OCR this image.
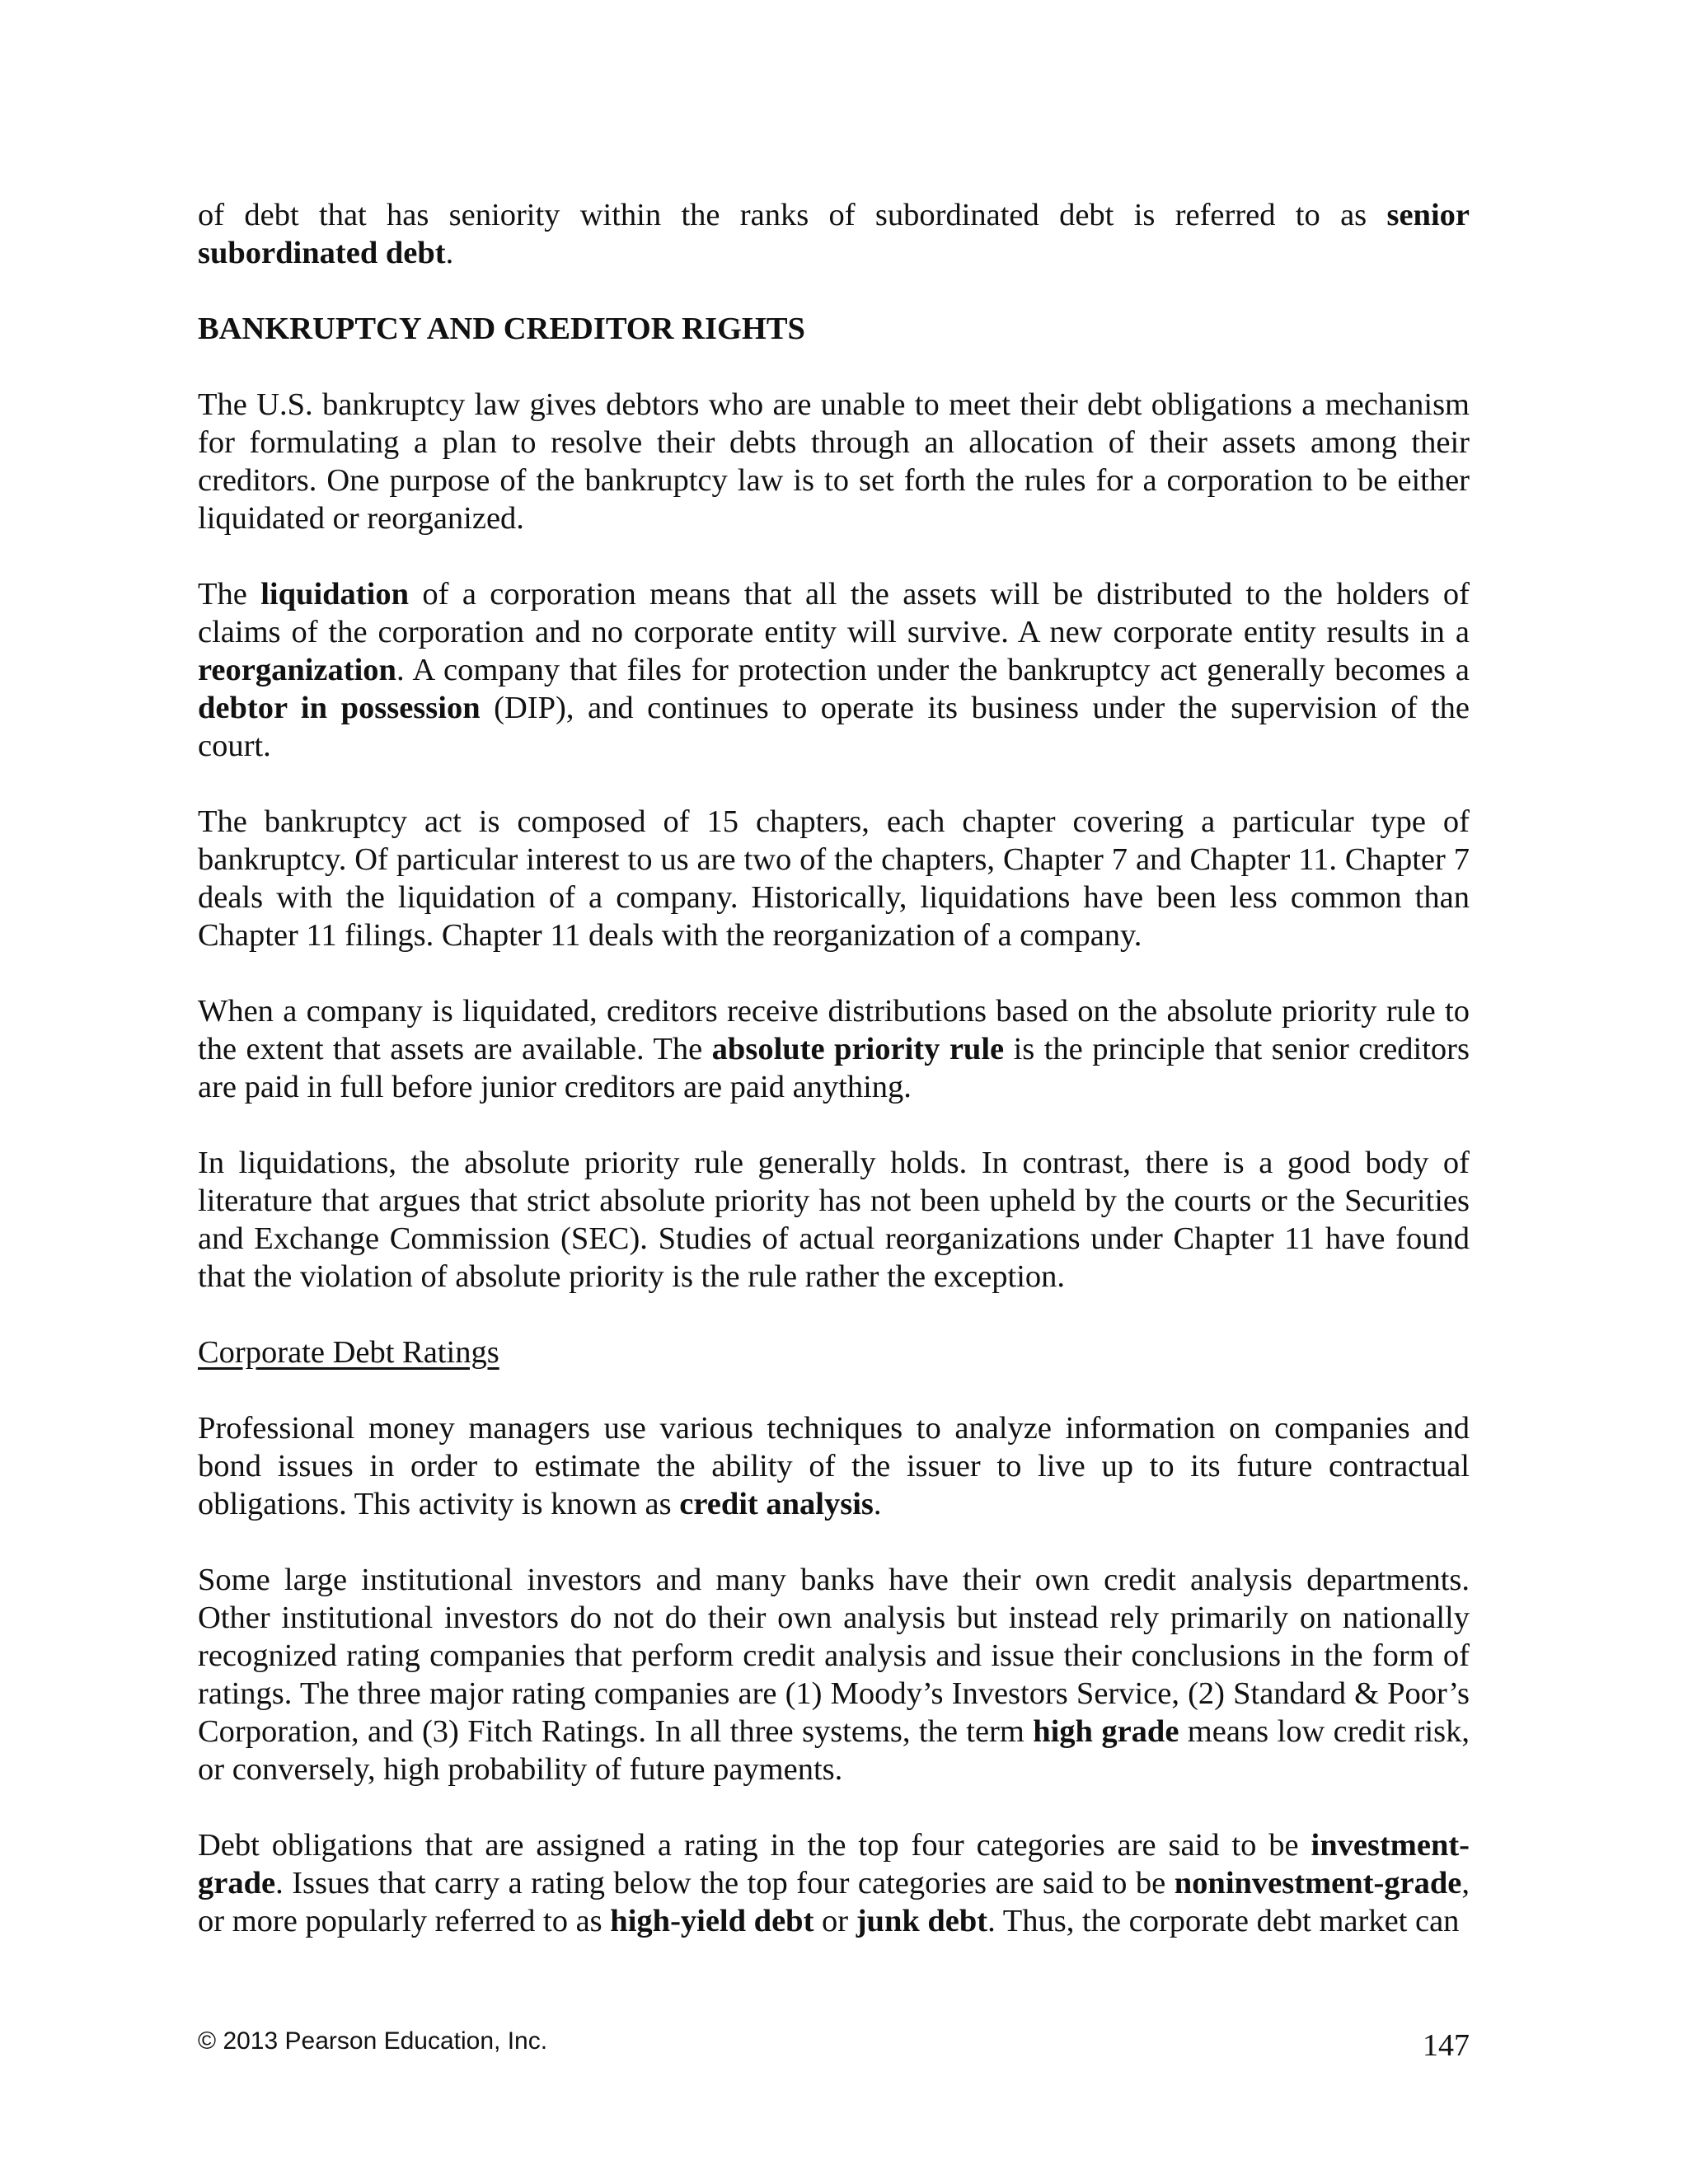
of debt that has seniority within the ranks of subordinated debt is referred to as senior subordinated debt.

BANKRUPTCY AND CREDITOR RIGHTS

The U.S. bankruptcy law gives debtors who are unable to meet their debt obligations a mechanism for formulating a plan to resolve their debts through an allocation of their assets among their creditors. One purpose of the bankruptcy law is to set forth the rules for a corporation to be either liquidated or reorganized.

The liquidation of a corporation means that all the assets will be distributed to the holders of claims of the corporation and no corporate entity will survive. A new corporate entity results in a reorganization. A company that files for protection under the bankruptcy act generally becomes a debtor in possession (DIP), and continues to operate its business under the supervision of the court.

The bankruptcy act is composed of 15 chapters, each chapter covering a particular type of bankruptcy. Of particular interest to us are two of the chapters, Chapter 7 and Chapter 11. Chapter 7 deals with the liquidation of a company. Historically, liquidations have been less common than Chapter 11 filings. Chapter 11 deals with the reorganization of a company.

When a company is liquidated, creditors receive distributions based on the absolute priority rule to the extent that assets are available. The absolute priority rule is the principle that senior creditors are paid in full before junior creditors are paid anything.

In liquidations, the absolute priority rule generally holds. In contrast, there is a good body of literature that argues that strict absolute priority has not been upheld by the courts or the Securities and Exchange Commission (SEC). Studies of actual reorganizations under Chapter 11 have found that the violation of absolute priority is the rule rather the exception.

Corporate Debt Ratings

Professional money managers use various techniques to analyze information on companies and bond issues in order to estimate the ability of the issuer to live up to its future contractual obligations. This activity is known as credit analysis.

Some large institutional investors and many banks have their own credit analysis departments. Other institutional investors do not do their own analysis but instead rely primarily on nationally recognized rating companies that perform credit analysis and issue their conclusions in the form of ratings. The three major rating companies are (1) Moody’s Investors Service, (2) Standard & Poor’s Corporation, and (3) Fitch Ratings. In all three systems, the term high grade means low credit risk, or conversely, high probability of future payments.

Debt obligations that are assigned a rating in the top four categories are said to be investment-grade. Issues that carry a rating below the top four categories are said to be noninvestment-grade, or more popularly referred to as high-yield debt or junk debt. Thus, the corporate debt market can

© 2013 Pearson Education, Inc.	147
